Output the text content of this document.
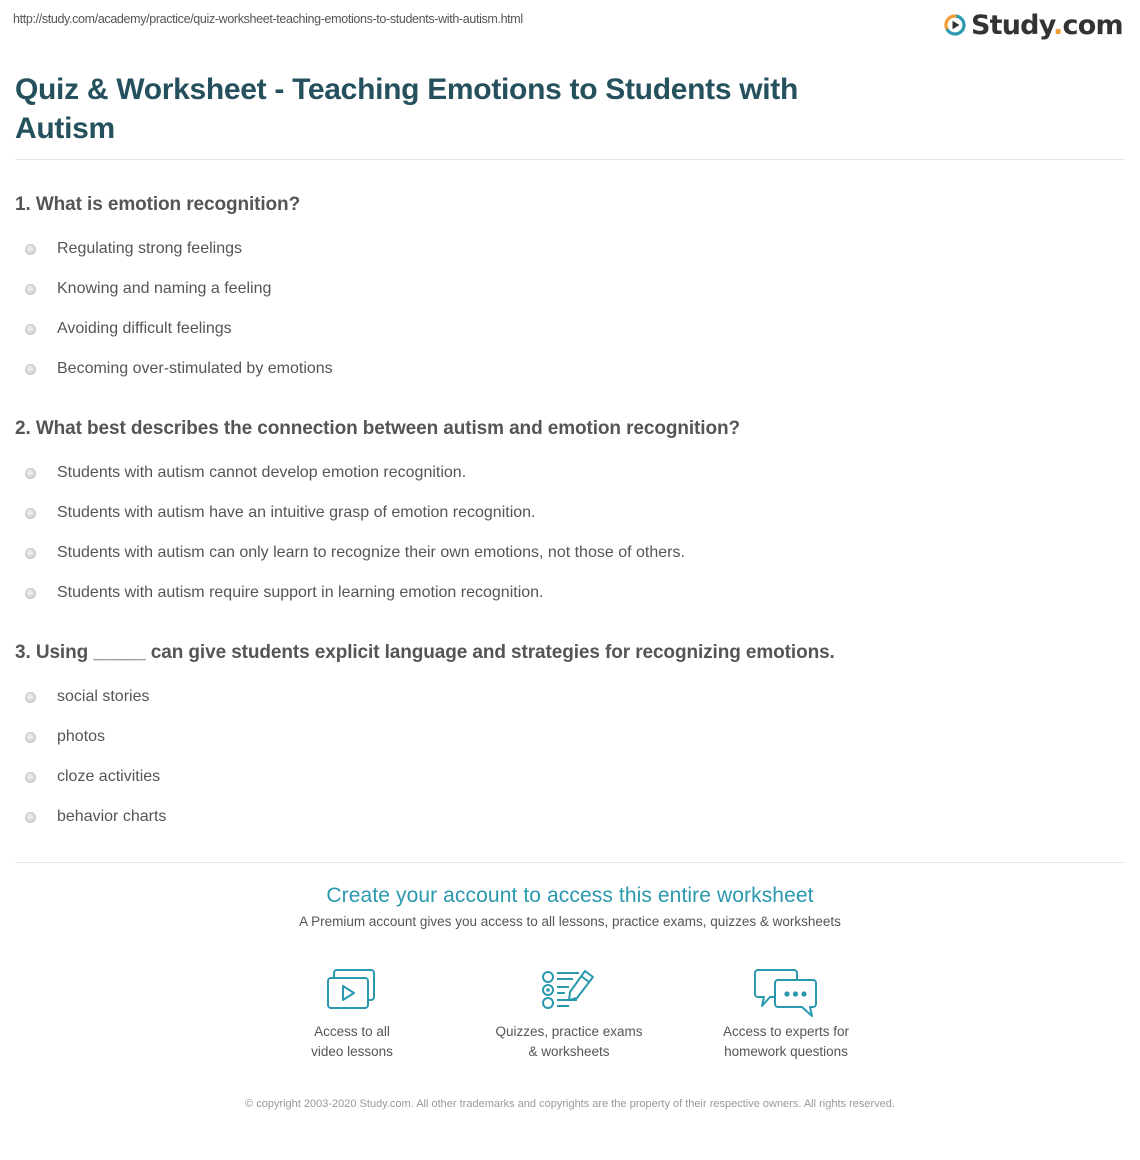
http://study.com/academy/practice/quiz-worksheet-teaching-emotions-to-students-with-autism.html	Study.com
Quiz & Worksheet - Teaching Emotions to Students with Autism
1. What is emotion recognition?
Regulating strong feelings
Knowing and naming a feeling
Avoiding difficult feelings
Becoming over-stimulated by emotions
2. What best describes the connection between autism and emotion recognition?
Students with autism cannot develop emotion recognition.
Students with autism have an intuitive grasp of emotion recognition.
Students with autism can only learn to recognize their own emotions, not those of others.
Students with autism require support in learning emotion recognition.
3. Using _____ can give students explicit language and strategies for recognizing emotions.
social stories
photos
cloze activities
behavior charts
Create your account to access this entire worksheet
A Premium account gives you access to all lessons, practice exams, quizzes & worksheets
Access to all
video lessons
Quizzes, practice exams
& worksheets
Access to experts for
homework questions
© copyright 2003-2020 Study.com. All other trademarks and copyrights are the property of their respective owners. All rights reserved.
